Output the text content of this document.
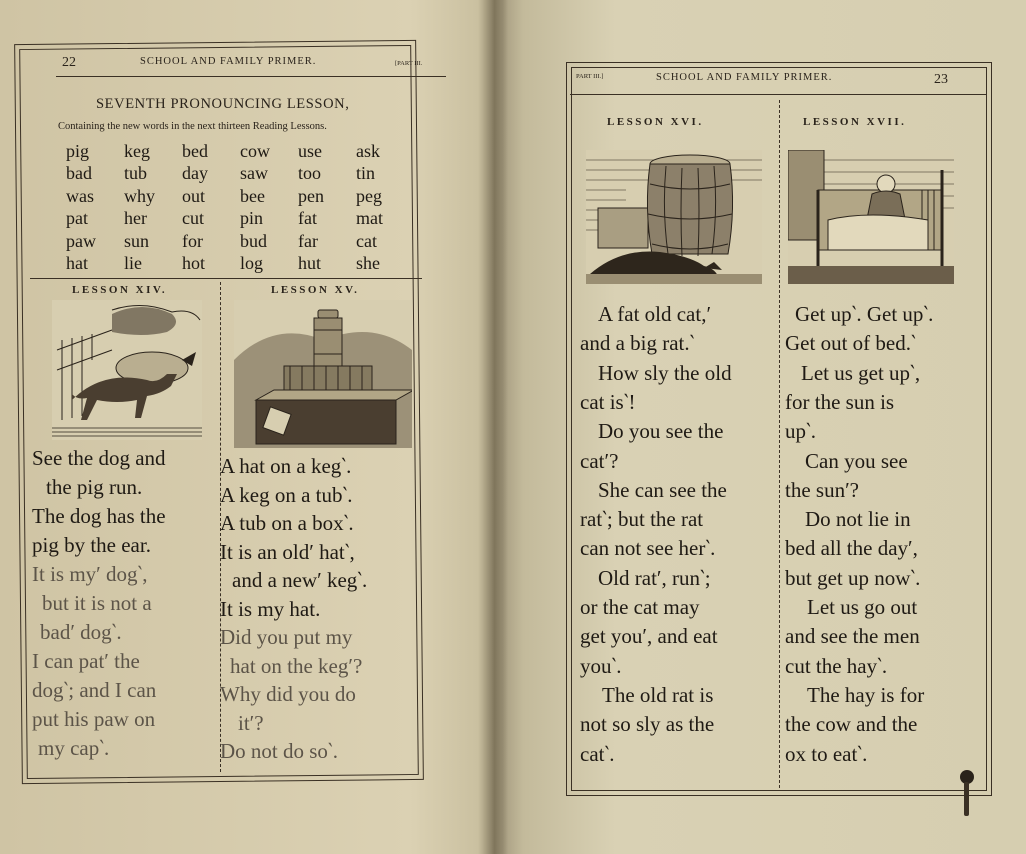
22	SCHOOL AND FAMILY PRIMER.	[PART III.
SEVENTH PRONOUNCING LESSON,
Containing the new words in the next thirteen Reading Lessons.
pig	keg	bed	cow	use	ask
bad	tub	day	saw	too	tin
was	why	out	bee	pen	peg
pat	her	cut	pin	fat	mat
paw	sun	for	bud	far	cat
hat	lie	hot	log	hut	she
LESSON XIV.	LESSON XV.
See the dog and
the pig run.
The dog has the
pig by the ear.
It is my′ dog‵,
but it is not a
bad′ dog‵.
I can pat′ the
dog‵; and I can
put his paw on
my cap‵.
A hat on a keg‵.
A keg on a tub‵.
A tub on a box‵.
It is an old′ hat‵,
and a new′ keg‵.
It is my hat.
Did you put my
hat on the keg′?
Why did you do
it′?
Do not do so‵.
PART III.]	SCHOOL AND FAMILY PRIMER.	23
LESSON XVI.	LESSON XVII.
A fat old cat,′
and a big rat.‵
How sly the old
cat is‵!
Do you see the
cat′?
She can see the
rat‵; but the rat
can not see her‵.
Old rat′, run‵;
or the cat may
get you′, and eat
you‵.
The old rat is
not so sly as the
cat‵.
Get up‵. Get up‵.
Get out of bed.‵
Let us get up‵,
for the sun is
up‵.
Can you see
the sun′?
Do not lie in
bed all the day′,
but get up now‵.
Let us go out
and see the men
cut the hay‵.
The hay is for
the cow and the
ox to eat‵.
